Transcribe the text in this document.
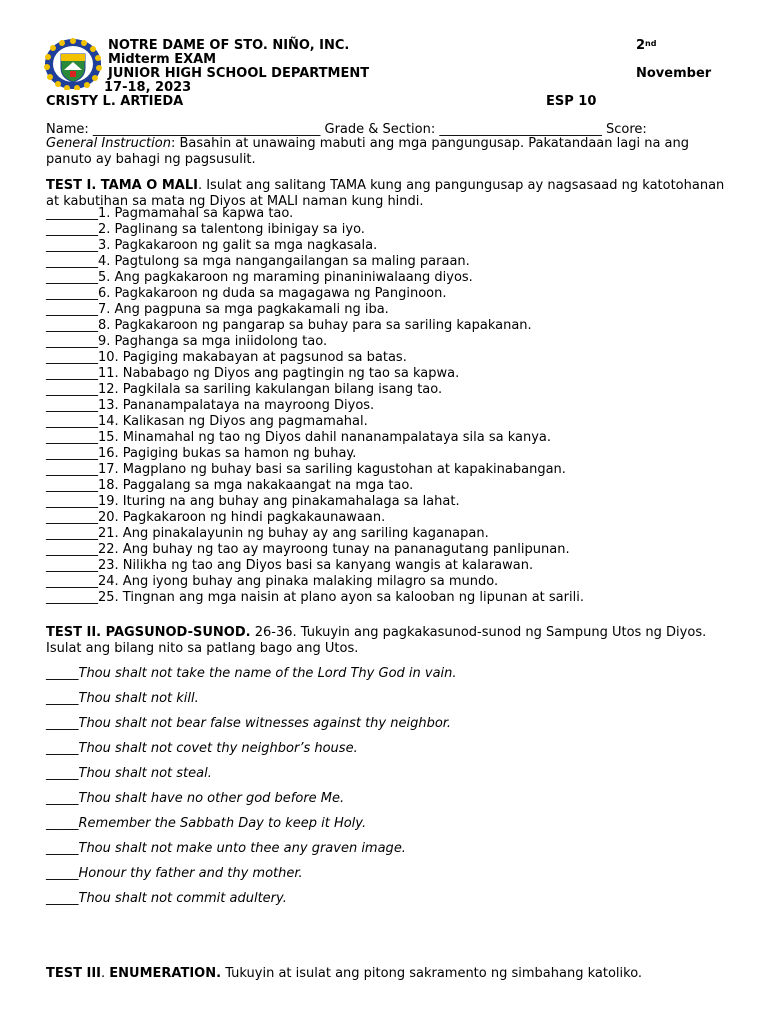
NOTRE DAME OF STO. NIÑO, INC.
Midterm EXAM
JUNIOR HIGH SCHOOL DEPARTMENT
17-18, 2023
CRISTY L. ARTIEDA
2nd
November
ESP 10
Name: ___________________________________ Grade & Section: _________________________ Score:
General Instruction: Basahin at unawaing mabuti ang mga pangungusap. Pakatandaan lagi na ang panuto ay bahagi ng pagsusulit.
TEST I. TAMA O MALI. Isulat ang salitang TAMA kung ang pangungusap ay nagsasaad ng katotohanan at kabutihan sa mata ng Diyos at MALI naman kung hindi.
________1. Pagmamahal sa kapwa tao.
________2. Paglinang sa talentong ibinigay sa iyo.
________3. Pagkakaroon ng galit sa mga nagkasala.
________4. Pagtulong sa mga nangangailangan sa maling paraan.
________5. Ang pagkakaroon ng maraming pinaniniwalaang diyos.
________6. Pagkakaroon ng duda sa magagawa ng Panginoon.
________7. Ang pagpuna sa mga pagkakamali ng iba.
________8. Pagkakaroon ng pangarap sa buhay para sa sariling kapakanan.
________9. Paghanga sa mga iniidolong tao.
________10. Pagiging makabayan at pagsunod sa batas.
________11. Nababago ng Diyos ang pagtingin ng tao sa kapwa.
________12. Pagkilala sa sariling kakulangan bilang isang tao.
________13. Pananampalataya na mayroong Diyos.
________14. Kalikasan ng Diyos ang pagmamahal.
________15. Minamahal ng tao ng Diyos dahil nananampalataya sila sa kanya.
________16. Pagiging bukas sa hamon ng buhay.
________17. Magplano ng buhay basi sa sariling kagustohan at kapakinabangan.
________18. Paggalang sa mga nakakaangat na mga tao.
________19. Ituring na ang buhay ang pinakamahalaga sa lahat.
________20. Pagkakaroon ng hindi pagkakaunawaan.
________21. Ang pinakalayunin ng buhay ay ang sariling kaganapan.
________22. Ang buhay ng tao ay mayroong tunay na pananagutang panlipunan.
________23. Nilikha ng tao ang Diyos basi sa kanyang wangis at kalarawan.
________24. Ang iyong buhay ang pinaka malaking milagro sa mundo.
________25. Tingnan ang mga naisin at plano ayon sa kalooban ng lipunan at sarili.
TEST II. PAGSUNOD-SUNOD. 26-36. Tukuyin ang pagkakasunod-sunod ng Sampung Utos ng Diyos. Isulat ang bilang nito sa patlang bago ang Utos.
_____Thou shalt not take the name of the Lord Thy God in vain.
_____Thou shalt not kill.
_____Thou shalt not bear false witnesses against thy neighbor.
_____Thou shalt not covet thy neighbor’s house.
_____Thou shalt not steal.
_____Thou shalt have no other god before Me.
_____Remember the Sabbath Day to keep it Holy.
_____Thou shalt not make unto thee any graven image.
_____Honour thy father and thy mother.
_____Thou shalt not commit adultery.
TEST III. ENUMERATION. Tukuyin at isulat ang pitong sakramento ng simbahang katoliko.
